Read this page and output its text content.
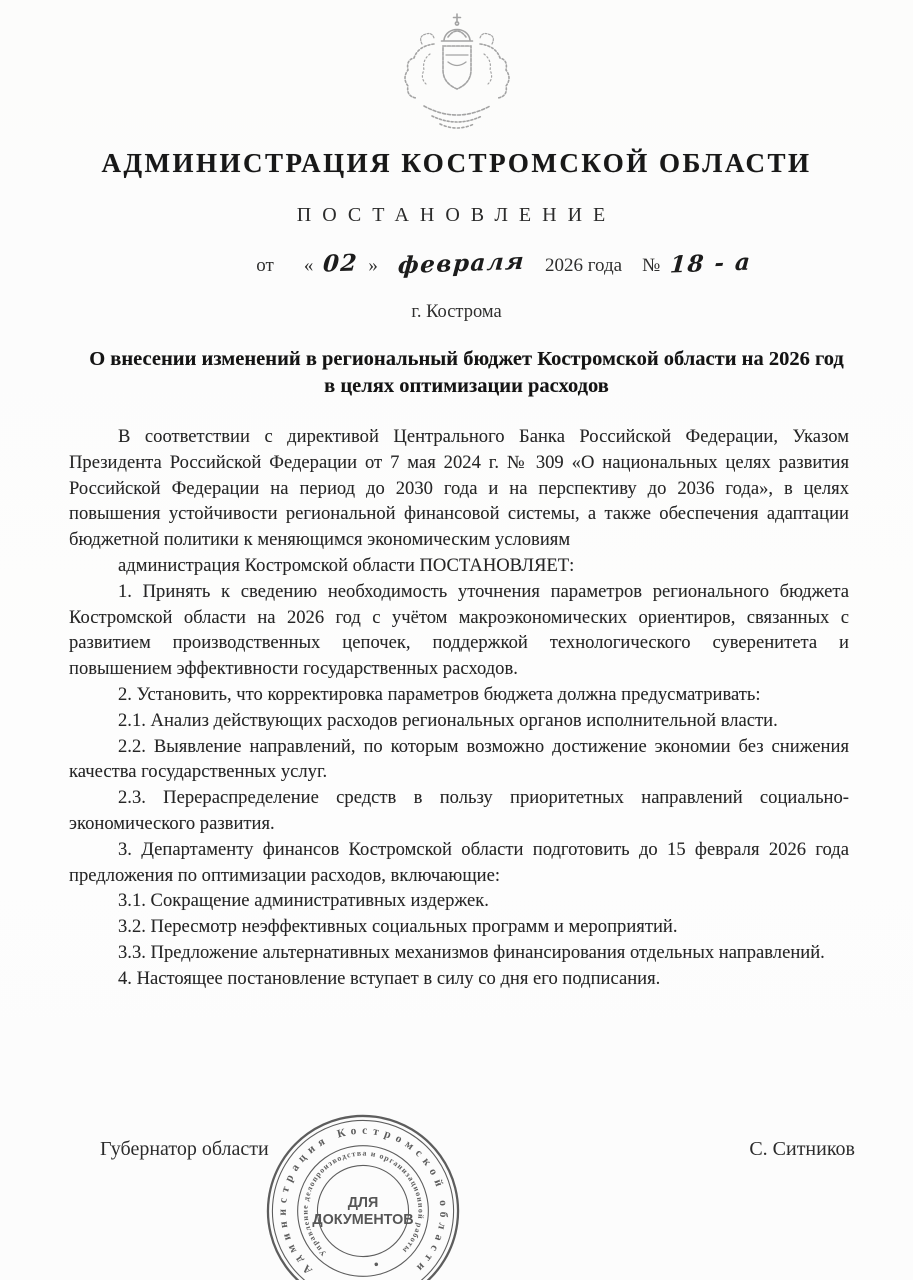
АДМИНИСТРАЦИЯ КОСТРОМСКОЙ ОБЛАСТИ
ПОСТАНОВЛЕНИЕ
от « 02 » февраля 2026 года № 18 - а
г. Кострома
О внесении изменений в региональный бюджет Костромской области на 2026 год в целях оптимизации расходов

В соответствии с директивой Центрального Банка Российской Федерации, Указом Президента Российской Федерации от 7 мая 2024 г. № 309 «О национальных целях развития Российской Федерации на период до 2030 года и на перспективу до 2036 года», в целях повышения устойчивости региональной финансовой системы, а также обеспечения адаптации бюджетной политики к меняющимся экономическим условиям

администрация Костромской области ПОСТАНОВЛЯЕТ:

1. Принять к сведению необходимость уточнения параметров регионального бюджета Костромской области на 2026 год с учётом макроэкономических ориентиров, связанных с развитием производственных цепочек, поддержкой технологического суверенитета и повышением эффективности государственных расходов.

2. Установить, что корректировка параметров бюджета должна предусматривать:

2.1. Анализ действующих расходов региональных органов исполнительной власти.

2.2. Выявление направлений, по которым возможно достижение экономии без снижения качества государственных услуг.

2.3. Перераспределение средств в пользу приоритетных направлений социально-экономического развития.

3. Департаменту финансов Костромской области подготовить до 15 февраля 2026 года предложения по оптимизации расходов, включающие:

3.1. Сокращение административных издержек.

3.2. Пересмотр неэффективных социальных программ и мероприятий.

3.3. Предложение альтернативных механизмов финансирования отдельных направлений.

4. Настоящее постановление вступает в силу со дня его подписания.

Губернатор области	С. Ситников
Администрация Костромской области
Управление делопроизводства и организационной работы
ДЛЯ
ДОКУМЕНТОВ
